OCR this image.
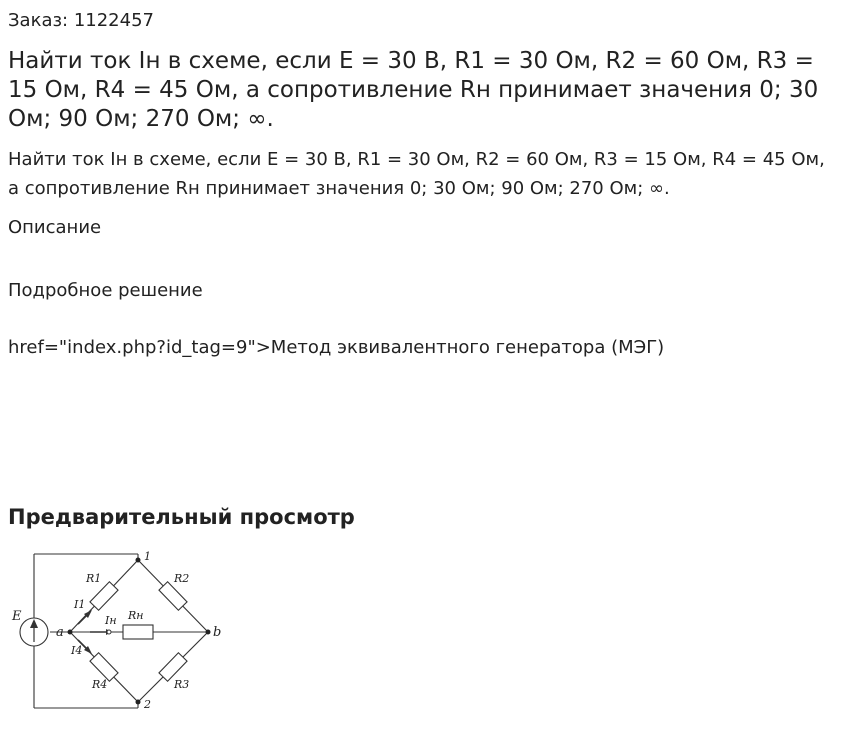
Заказ: 1122457
Найти ток Iн в схеме, если E = 30 В, R1 = 30 Ом, R2 = 60 Ом, R3 = 15 Ом, R4 = 45 Ом, а сопротивление Rн принимает значения 0; 30 Ом; 90 Ом; 270 Ом; ∞.

Найти ток Iн в схеме, если E = 30 В, R1 = 30 Ом, R2 = 60 Ом, R3 = 15 Ом, R4 = 45 Ом, а сопротивление Rн принимает значения 0; 30 Ом; 90 Ом; 270 Ом; ∞.

Описание
Подробное решение
href="index.php?id_tag=9">Метод эквивалентного генератора (МЭГ)
Предварительный просмотр
1
2
a	b
E
R1	R2
R4	R3
Rн
I1
Iн
I4
